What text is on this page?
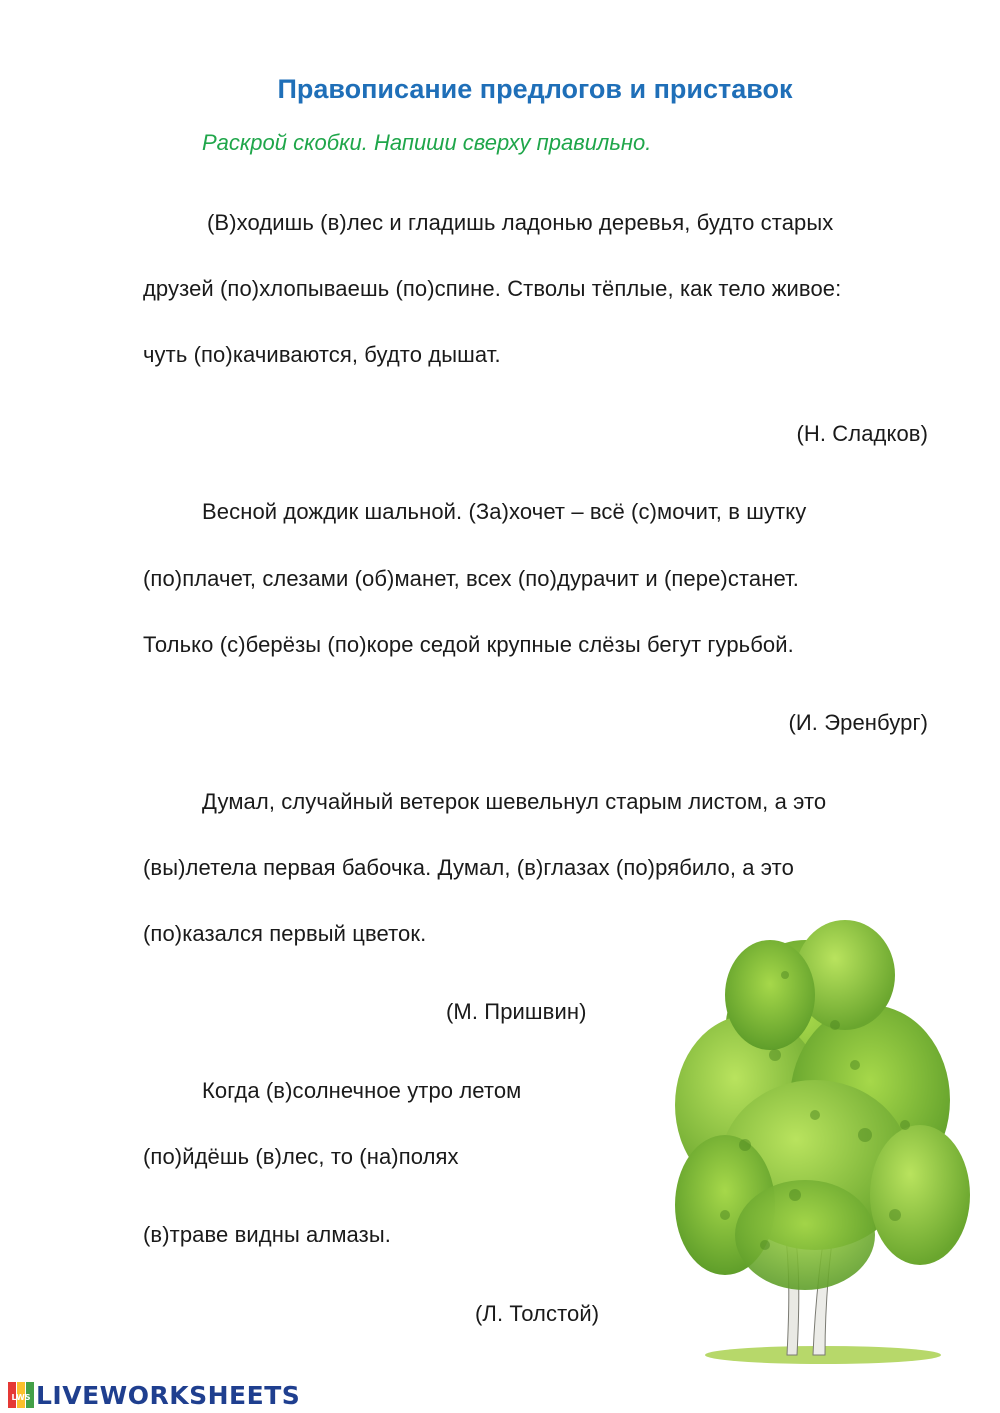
Правописание предлогов и приставок
Раскрой скобки. Напиши сверху правильно.
(В)ходишь (в)лес и гладишь ладонью деревья, будто старых
друзей (по)хлопываешь (по)спине. Стволы тёплые, как тело живое:
чуть (по)качиваются, будто дышат.
(Н. Сладков)
Весной дождик шальной. (За)хочет – всё (с)мочит, в шутку
(по)плачет, слезами (об)манет, всех (по)дурачит и (пере)станет.
Только (с)берёзы (по)коре седой крупные слёзы бегут гурьбой.
(И. Эренбург)
Думал, случайный ветерок шевельнул старым листом, а это
(вы)летела первая бабочка. Думал, (в)глазах (по)рябило, а это
(по)казался первый цветок.
(М. Пришвин)
Когда (в)солнечное утро летом
(по)йдёшь (в)лес, то (на)полях
(в)траве видны алмазы.
(Л. Толстой)
LWS LIVEWORKSHEETS
